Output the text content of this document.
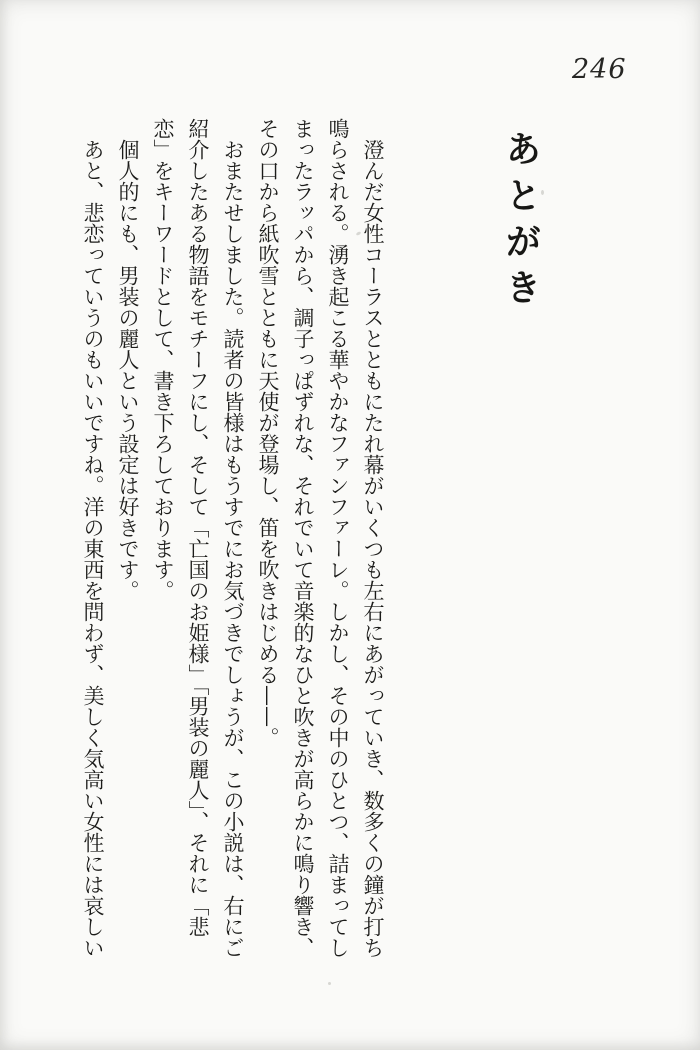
246
あとがき

澄んだ女性コーラスとともにたれ幕がいくつも左右にあがっていき、数多くの鐘が打ち鳴らされる。湧き起こる華やかなファンファーレ。しかし、その中のひとつ、詰まってしまったラッパから、調子っぱずれな、それでいて音楽的なひと吹きが高らかに鳴り響き、その口から紙吹雪とともに天使が登場し、笛を吹きはじめる——。

おまたせしました。読者の皆様はもうすでにお気づきでしょうが、この小説は、右にご紹介したある物語をモチーフにし、そして「亡国のお姫様」「男装の麗人」、それに「悲恋」をキーワードとして、書き下ろしております。

個人的にも、男装の麗人という設定は好きです。

あと、悲恋っていうのもいいですね。洋の東西を問わず、美しく気高い女性には哀しい
